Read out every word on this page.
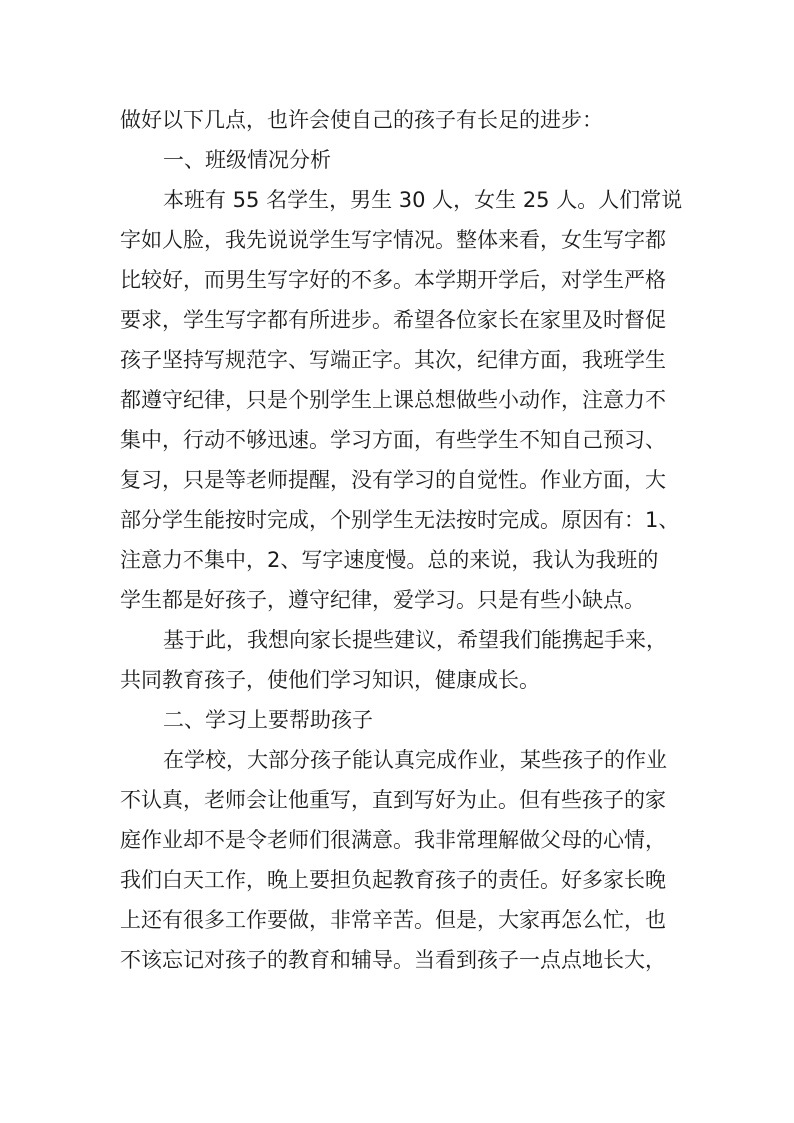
做好以下几点，也许会使自己的孩子有长足的进步：
一、班级情况分析
本班有 55 名学生，男生 30 人，女生 25 人。人们常说
字如人脸，我先说说学生写字情况。整体来看，女生写字都
比较好，而男生写字好的不多。本学期开学后，对学生严格
要求，学生写字都有所进步。希望各位家长在家里及时督促
孩子坚持写规范字、写端正字。其次，纪律方面，我班学生
都遵守纪律，只是个别学生上课总想做些小动作，注意力不
集中，行动不够迅速。学习方面，有些学生不知自己预习、
复习，只是等老师提醒，没有学习的自觉性。作业方面，大
部分学生能按时完成，个别学生无法按时完成。原因有：1、
注意力不集中，2、写字速度慢。总的来说，我认为我班的
学生都是好孩子，遵守纪律，爱学习。只是有些小缺点。
基于此，我想向家长提些建议，希望我们能携起手来，
共同教育孩子，使他们学习知识，健康成长。
二、学习上要帮助孩子
在学校，大部分孩子能认真完成作业，某些孩子的作业
不认真，老师会让他重写，直到写好为止。但有些孩子的家
庭作业却不是令老师们很满意。我非常理解做父母的心情，
我们白天工作，晚上要担负起教育孩子的责任。好多家长晚
上还有很多工作要做，非常辛苦。但是，大家再怎么忙，也
不该忘记对孩子的教育和辅导。当看到孩子一点点地长大，
